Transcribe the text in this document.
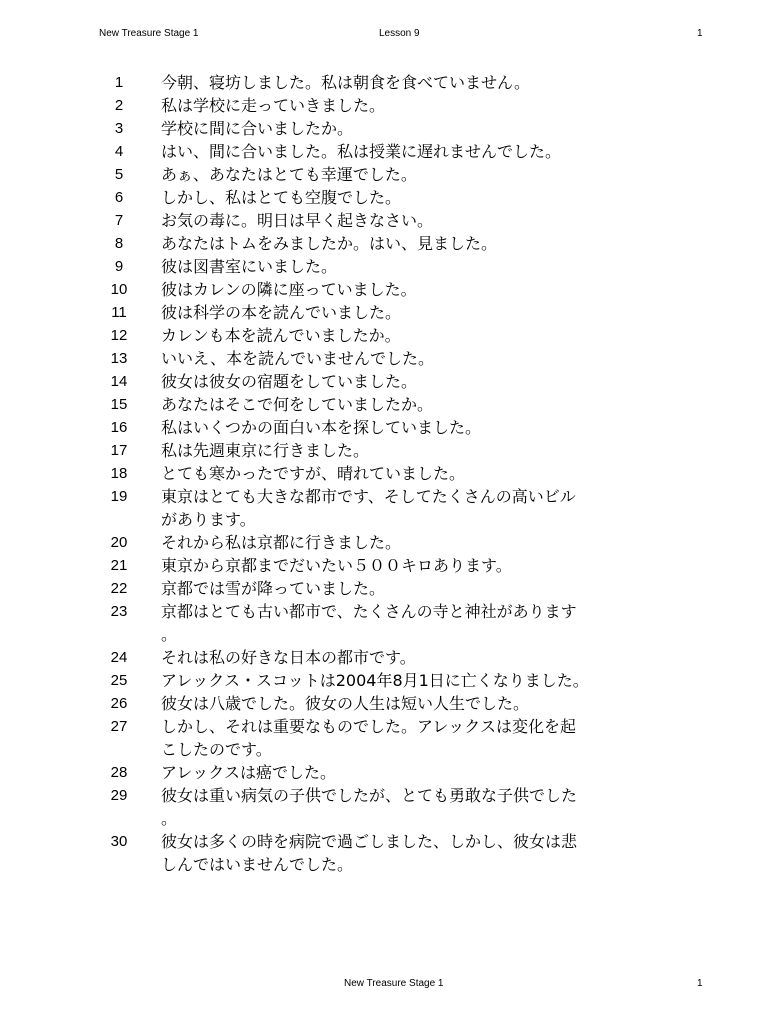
New Treasure Stage 1	Lesson 9	1
1	今朝、寝坊しました。私は朝食を食べていません。
2	私は学校に走っていきました。
3	学校に間に合いましたか。
4	はい、間に合いました。私は授業に遅れませんでした。
5	あぁ、あなたはとても幸運でした。
6	しかし、私はとても空腹でした。
7	お気の毒に。明日は早く起きなさい。
8	あなたはトムをみましたか。はい、見ました。
9	彼は図書室にいました。
10	彼はカレンの隣に座っていました。
11	彼は科学の本を読んでいました。
12	カレンも本を読んでいましたか。
13	いいえ、本を読んでいませんでした。
14	彼女は彼女の宿題をしていました。
15	あなたはそこで何をしていましたか。
16	私はいくつかの面白い本を探していました。
17	私は先週東京に行きました。
18	とても寒かったですが、晴れていました。
19	東京はとても大きな都市です、そしてたくさんの高いビル
があります。
20	それから私は京都に行きました。
21	東京から京都までだいたい５００キロあります。
22	京都では雪が降っていました。
23	京都はとても古い都市で、たくさんの寺と神社があります
。
24	それは私の好きな日本の都市です。
25	アレックス・スコットは2004年8月1日に亡くなりました。
26	彼女は八歳でした。彼女の人生は短い人生でした。
27	しかし、それは重要なものでした。アレックスは変化を起
こしたのです。
28	アレックスは癌でした。
29	彼女は重い病気の子供でしたが、とても勇敢な子供でした
。
30	彼女は多くの時を病院で過ごしました、しかし、彼女は悲
しんではいませんでした。
New Treasure Stage 1	1
